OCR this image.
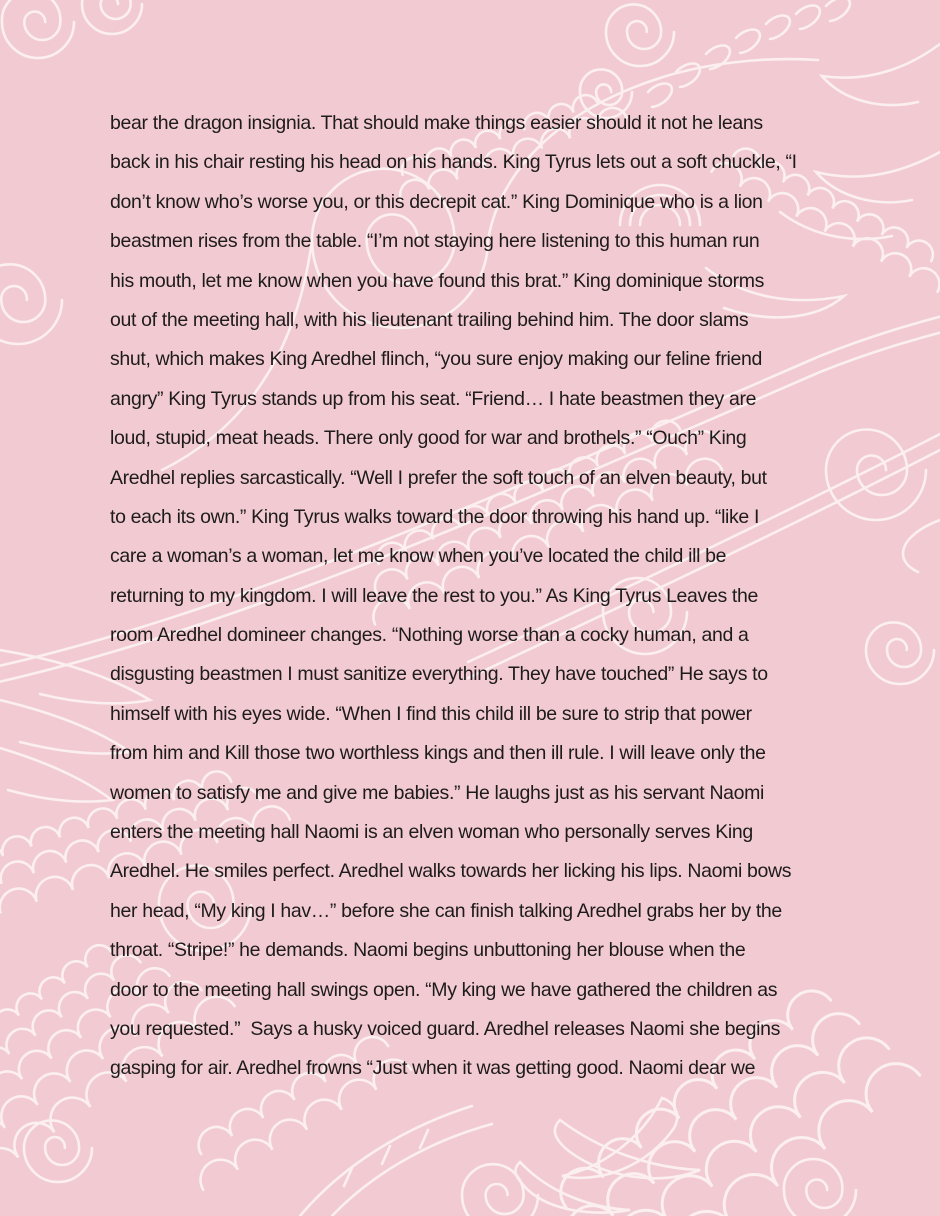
bear the dragon insignia. That should make things easier should it not he leans
back in his chair resting his head on his hands. King Tyrus lets out a soft chuckle, “I
don’t know who’s worse you, or this decrepit cat.” King Dominique who is a lion
beastmen rises from the table. “I’m not staying here listening to this human run
his mouth, let me know when you have found this brat.” King dominique storms
out of the meeting hall, with his lieutenant trailing behind him. The door slams
shut, which makes King Aredhel flinch, “you sure enjoy making our feline friend
angry” King Tyrus stands up from his seat. “Friend… I hate beastmen they are
loud, stupid, meat heads. There only good for war and brothels.” “Ouch” King
Aredhel replies sarcastically. “Well I prefer the soft touch of an elven beauty, but
to each its own.” King Tyrus walks toward the door throwing his hand up. “like I
care a woman’s a woman, let me know when you’ve located the child ill be
returning to my kingdom. I will leave the rest to you.” As King Tyrus Leaves the
room Aredhel domineer changes. “Nothing worse than a cocky human, and a
disgusting beastmen I must sanitize everything. They have touched” He says to
himself with his eyes wide. “When I find this child ill be sure to strip that power
from him and Kill those two worthless kings and then ill rule. I will leave only the
women to satisfy me and give me babies.” He laughs just as his servant Naomi
enters the meeting hall Naomi is an elven woman who personally serves King
Aredhel. He smiles perfect. Aredhel walks towards her licking his lips. Naomi bows
her head, “My king I hav…” before she can finish talking Aredhel grabs her by the
throat. “Stripe!” he demands. Naomi begins unbuttoning her blouse when the
door to the meeting hall swings open. “My king we have gathered the children as
you requested.”  Says a husky voiced guard. Aredhel releases Naomi she begins
gasping for air. Aredhel frowns “Just when it was getting good. Naomi dear we
